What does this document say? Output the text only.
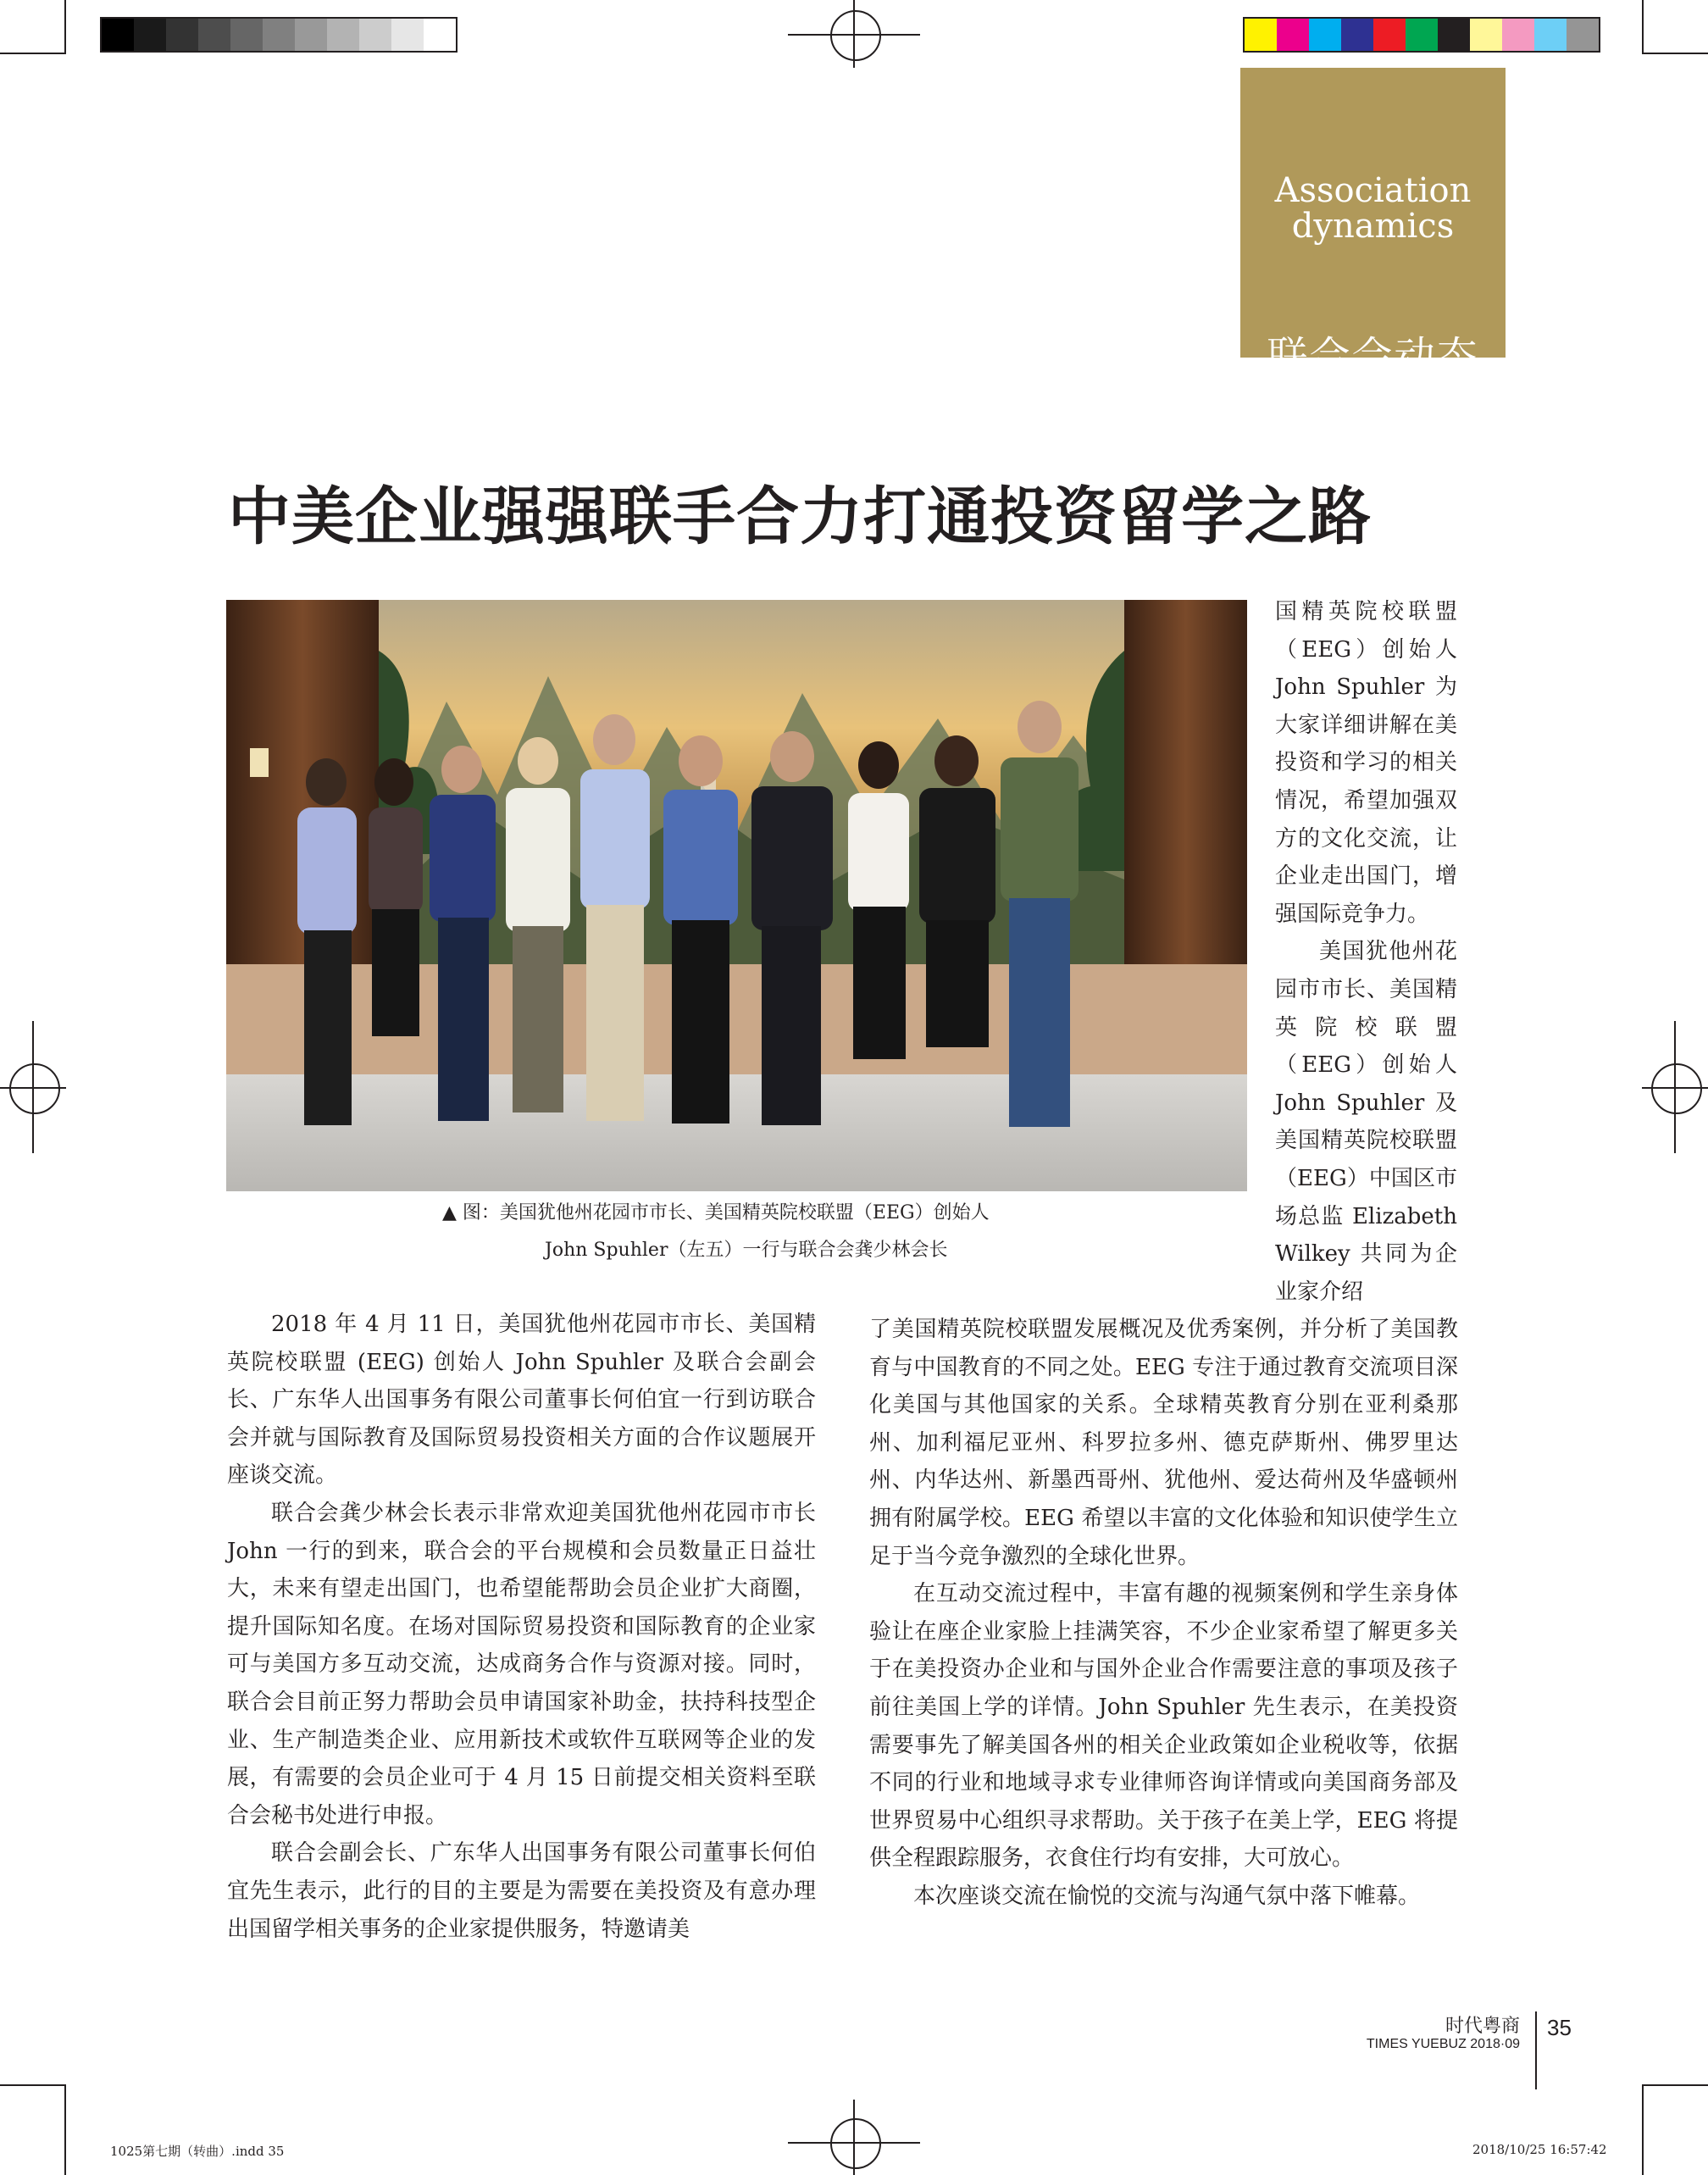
Association
dynamics
联合会动态
中美企业强强联手合力打通投资留学之路
▲ 图：美国犹他州花园市市长、美国精英院校联盟（EEG）创始人
John Spuhler（左五）一行与联合会龚少林会长

国精英院校联盟（EEG）创始人 John Spuhler 为大家详细讲解在美投资和学习的相关情况，希望加强双方的文化交流，让企业走出国门，增强国际竞争力。

美国犹他州花园市市长、美国精英院校联盟（EEG）创始人 John Spuhler 及美国精英院校联盟（EEG）中国区市场总监 Elizabeth Wilkey 共同为企业家介绍

2018 年 4 月 11 日，美国犹他州花园市市长、美国精英院校联盟 (EEG) 创始人 John Spuhler 及联合会副会长、广东华人出国事务有限公司董事长何伯宜一行到访联合会并就与国际教育及国际贸易投资相关方面的合作议题展开座谈交流。

联合会龚少林会长表示非常欢迎美国犹他州花园市市长 John 一行的到来，联合会的平台规模和会员数量正日益壮大，未来有望走出国门，也希望能帮助会员企业扩大商圈，提升国际知名度。在场对国际贸易投资和国际教育的企业家可与美国方多互动交流，达成商务合作与资源对接。同时，联合会目前正努力帮助会员申请国家补助金，扶持科技型企业、生产制造类企业、应用新技术或软件互联网等企业的发展，有需要的会员企业可于 4 月 15 日前提交相关资料至联合会秘书处进行申报。

联合会副会长、广东华人出国事务有限公司董事长何伯宜先生表示，此行的目的主要是为需要在美投资及有意办理出国留学相关事务的企业家提供服务，特邀请美

了美国精英院校联盟发展概况及优秀案例，并分析了美国教育与中国教育的不同之处。EEG 专注于通过教育交流项目深化美国与其他国家的关系。全球精英教育分别在亚利桑那州、加利福尼亚州、科罗拉多州、德克萨斯州、佛罗里达州、内华达州、新墨西哥州、犹他州、爱达荷州及华盛顿州拥有附属学校。EEG 希望以丰富的文化体验和知识使学生立足于当今竞争激烈的全球化世界。

在互动交流过程中，丰富有趣的视频案例和学生亲身体验让在座企业家脸上挂满笑容，不少企业家希望了解更多关于在美投资办企业和与国外企业合作需要注意的事项及孩子前往美国上学的详情。John Spuhler 先生表示，在美投资需要事先了解美国各州的相关企业政策如企业税收等，依据不同的行业和地域寻求专业律师咨询详情或向美国商务部及世界贸易中心组织寻求帮助。关于孩子在美上学，EEG 将提供全程跟踪服务，衣食住行均有安排，大可放心。

本次座谈交流在愉悦的交流与沟通气氛中落下帷幕。

时代粤商
TIMES YUEBUZ 2018·09
35
1025第七期（转曲）.indd 35	2018/10/25 16:57:42
